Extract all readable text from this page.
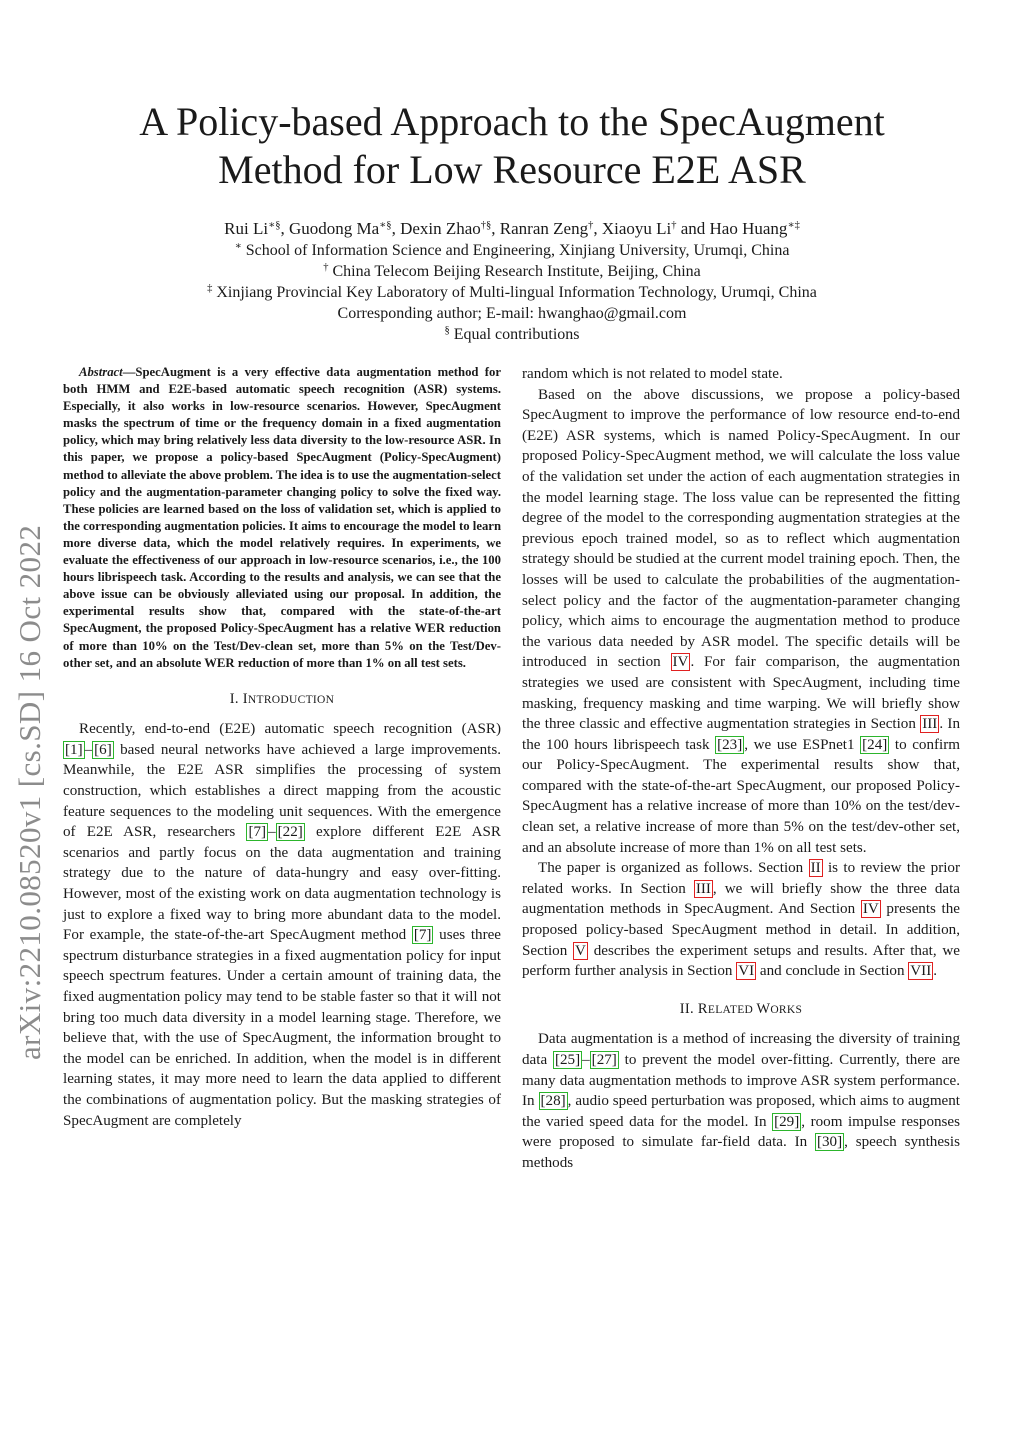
arXiv:2210.08520v1 [cs.SD] 16 Oct 2022
A Policy-based Approach to the SpecAugment
Method for Low Resource E2E ASR
Rui Li∗§, Guodong Ma∗§, Dexin Zhao†§, Ranran Zeng†, Xiaoyu Li† and Hao Huang∗‡
∗ School of Information Science and Engineering, Xinjiang University, Urumqi, China
† China Telecom Beijing Research Institute, Beijing, China
‡ Xinjiang Provincial Key Laboratory of Multi-lingual Information Technology, Urumqi, China
Corresponding author; E-mail: hwanghao@gmail.com
§ Equal contributions

Abstract—SpecAugment is a very effective data augmentation method for both HMM and E2E-based automatic speech recognition (ASR) systems. Especially, it also works in low-resource scenarios. However, SpecAugment masks the spectrum of time or the frequency domain in a fixed augmentation policy, which may bring relatively less data diversity to the low-resource ASR. In this paper, we propose a policy-based SpecAugment (Policy-SpecAugment) method to alleviate the above problem. The idea is to use the augmentation-select policy and the augmentation-parameter changing policy to solve the fixed way. These policies are learned based on the loss of validation set, which is applied to the corresponding augmentation policies. It aims to encourage the model to learn more diverse data, which the model relatively requires. In experiments, we evaluate the effectiveness of our approach in low-resource scenarios, i.e., the 100 hours librispeech task. According to the results and analysis, we can see that the above issue can be obviously alleviated using our proposal. In addition, the experimental results show that, compared with the state-of-the-art SpecAugment, the proposed Policy-SpecAugment has a relative WER reduction of more than 10% on the Test/Dev-clean set, more than 5% on the Test/Dev-other set, and an absolute WER reduction of more than 1% on all test sets.

I. INTRODUCTION

Recently, end-to-end (E2E) automatic speech recognition (ASR) [1] – [6] based neural networks have achieved a large improvements. Meanwhile, the E2E ASR simplifies the processing of system construction, which establishes a direct mapping from the acoustic feature sequences to the modeling unit sequences. With the emergence of E2E ASR, researchers [7] – [22] explore different E2E ASR scenarios and partly focus on the data augmentation and training strategy due to the nature of data-hungry and easy over-fitting. However, most of the existing work on data augmentation technology is just to explore a fixed way to bring more abundant data to the model. For example, the state-of-the-art SpecAugment method [7] uses three spectrum disturbance strategies in a fixed augmentation policy for input speech spectrum features. Under a certain amount of training data, the fixed augmentation policy may tend to be stable faster so that it will not bring too much data diversity in a model learning stage. Therefore, we believe that, with the use of SpecAugment, the information brought to the model can be enriched. In addition, when the model is in different learning states, it may more need to learn the data applied to different the combinations of augmentation policy. But the masking strategies of SpecAugment are completely

random which is not related to model state.

Based on the above discussions, we propose a policy-based SpecAugment to improve the performance of low resource end-to-end (E2E) ASR systems, which is named Policy-SpecAugment. In our proposed Policy-SpecAugment method, we will calculate the loss value of the validation set under the action of each augmentation strategies in the model learning stage. The loss value can be represented the fitting degree of the model to the corresponding augmentation strategies at the previous epoch trained model, so as to reflect which augmentation strategy should be studied at the current model training epoch. Then, the losses will be used to calculate the probabilities of the augmentation-select policy and the factor of the augmentation-parameter changing policy, which aims to encourage the augmentation method to produce the various data needed by ASR model. The specific details will be introduced in section IV . For fair comparison, the augmentation strategies we used are consistent with SpecAugment, including time masking, frequency masking and time warping. We will briefly show the three classic and effective augmentation strategies in Section III . In the 100 hours librispeech task [23] , we use ESPnet1 [24] to confirm our Policy-SpecAugment. The experimental results show that, compared with the state-of-the-art SpecAugment, our proposed Policy-SpecAugment has a relative increase of more than 10% on the test/dev-clean set, a relative increase of more than 5% on the test/dev-other set, and an absolute increase of more than 1% on all test sets.

The paper is organized as follows. Section II is to review the prior related works. In Section III , we will briefly show the three data augmentation methods in SpecAugment. And Section IV presents the proposed policy-based SpecAugment method in detail. In addition, Section V describes the experiment setups and results. After that, we perform further analysis in Section VI and conclude in Section VII .

II. RELATED WORKS

Data augmentation is a method of increasing the diversity of training data [25] – [27] to prevent the model over-fitting. Currently, there are many data augmentation methods to improve ASR system performance. In [28] , audio speed perturbation was proposed, which aims to augment the varied speed data for the model. In [29] , room impulse responses were proposed to simulate far-field data. In [30] , speech synthesis methods
